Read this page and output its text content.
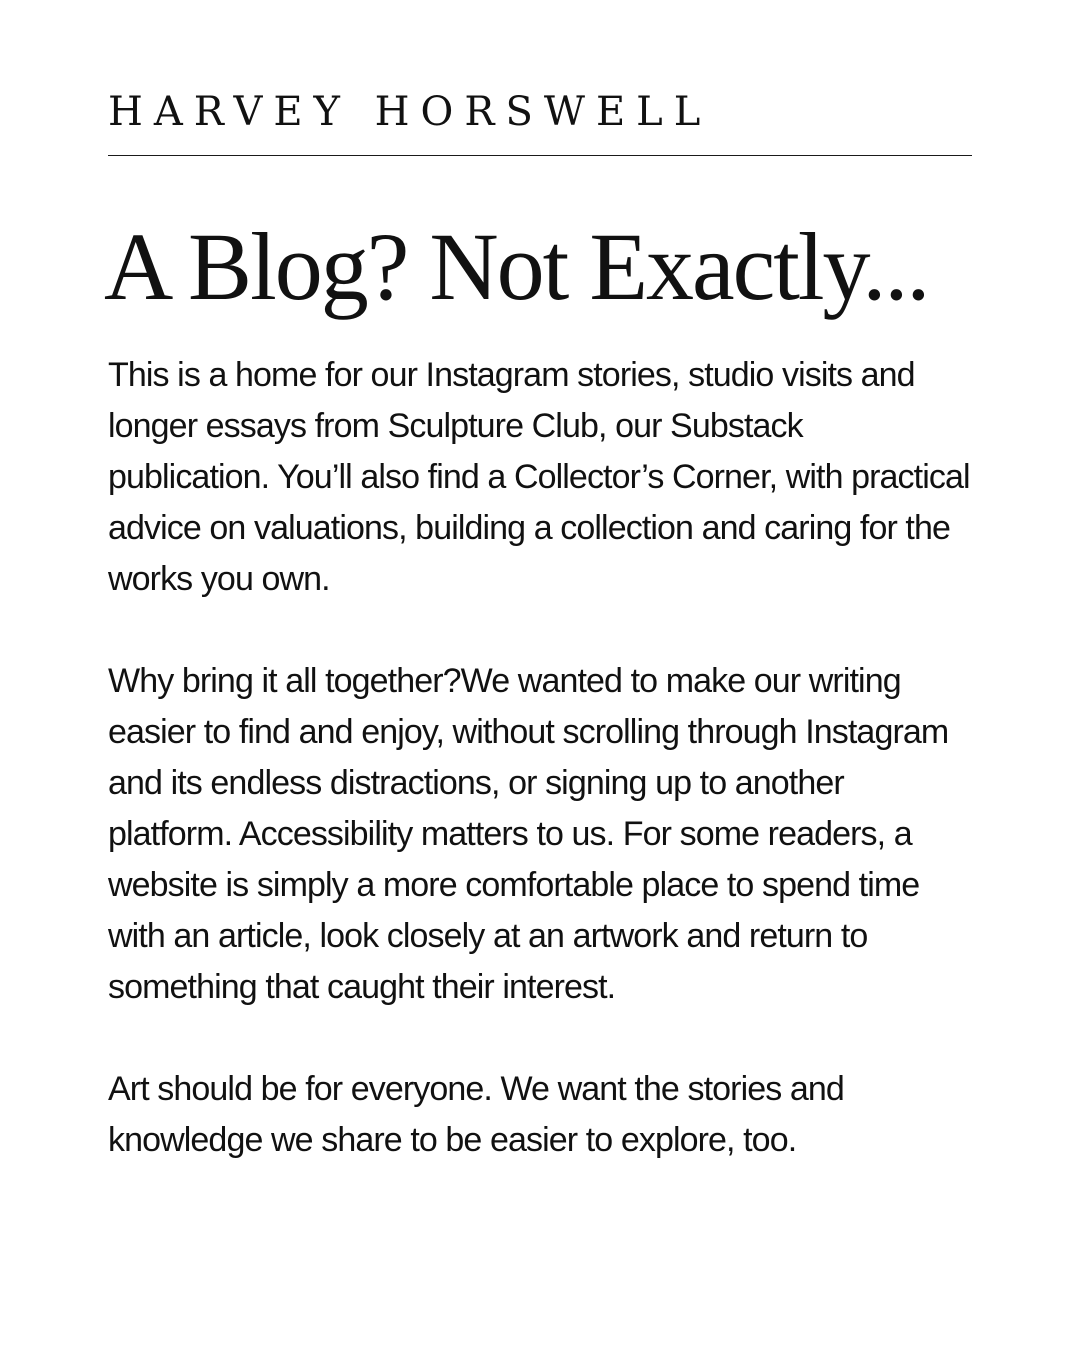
HARVEY HORSWELL
A Blog? Not Exactly...

This is a home for our Instagram stories, studio visits and longer essays from Sculpture Club, our Substack publication. You’ll also find a Collector’s Corner, with practical advice on valuations, building a collection and caring for the works you own.

Why bring it all together?We wanted to make our writing easier to find and enjoy, without scrolling through Instagram and its endless distractions, or signing up to another platform. Accessibility matters to us. For some readers, a website is simply a more comfortable place to spend time with an article, look closely at an artwork and return to something that caught their interest.

Art should be for everyone. We want the stories and knowledge we share to be easier to explore, too.
